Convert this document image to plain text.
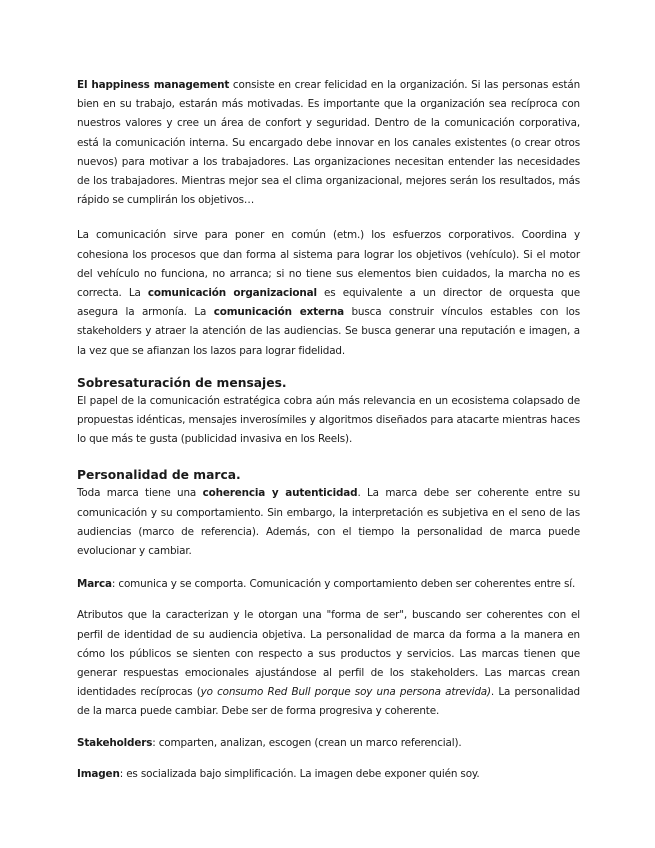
El happiness management consiste en crear felicidad en la organización. Si las personas están bien en su trabajo, estarán más motivadas. Es importante que la organización sea recíproca con nuestros valores y cree un área de confort y seguridad. Dentro de la comunicación corporativa, está la comunicación interna. Su encargado debe innovar en los canales existentes (o crear otros nuevos) para motivar a los trabajadores. Las organizaciones necesitan entender las necesidades de los trabajadores. Mientras mejor sea el clima organizacional, mejores serán los resultados, más rápido se cumplirán los objetivos…

La comunicación sirve para poner en común (etm.) los esfuerzos corporativos. Coordina y cohesiona los procesos que dan forma al sistema para lograr los objetivos (vehículo). Si el motor del vehículo no funciona, no arranca; si no tiene sus elementos bien cuidados, la marcha no es correcta. La comunicación organizacional es equivalente a un director de orquesta que asegura la armonía. La comunicación externa busca construir vínculos estables con los stakeholders y atraer la atención de las audiencias. Se busca generar una reputación e imagen, a la vez que se afianzan los lazos para lograr fidelidad.

Sobresaturación de mensajes.

El papel de la comunicación estratégica cobra aún más relevancia en un ecosistema colapsado de propuestas idénticas, mensajes inverosímiles y algoritmos diseñados para atacarte mientras haces lo que más te gusta (publicidad invasiva en los Reels).

Personalidad de marca.

Toda marca tiene una coherencia y autenticidad. La marca debe ser coherente entre su comunicación y su comportamiento. Sin embargo, la interpretación es subjetiva en el seno de las audiencias (marco de referencia). Además, con el tiempo la personalidad de marca puede evolucionar y cambiar.

Marca: comunica y se comporta. Comunicación y comportamiento deben ser coherentes entre sí.

Atributos que la caracterizan y le otorgan una "forma de ser", buscando ser coherentes con el perfil de identidad de su audiencia objetiva. La personalidad de marca da forma a la manera en cómo los públicos se sienten con respecto a sus productos y servicios. Las marcas tienen que generar respuestas emocionales ajustándose al perfil de los stakeholders. Las marcas crean identidades recíprocas (yo consumo Red Bull porque soy una persona atrevida). La personalidad de la marca puede cambiar. Debe ser de forma progresiva y coherente.

Stakeholders: comparten, analizan, escogen (crean un marco referencial).

Imagen: es socializada bajo simplificación. La imagen debe exponer quién soy.
